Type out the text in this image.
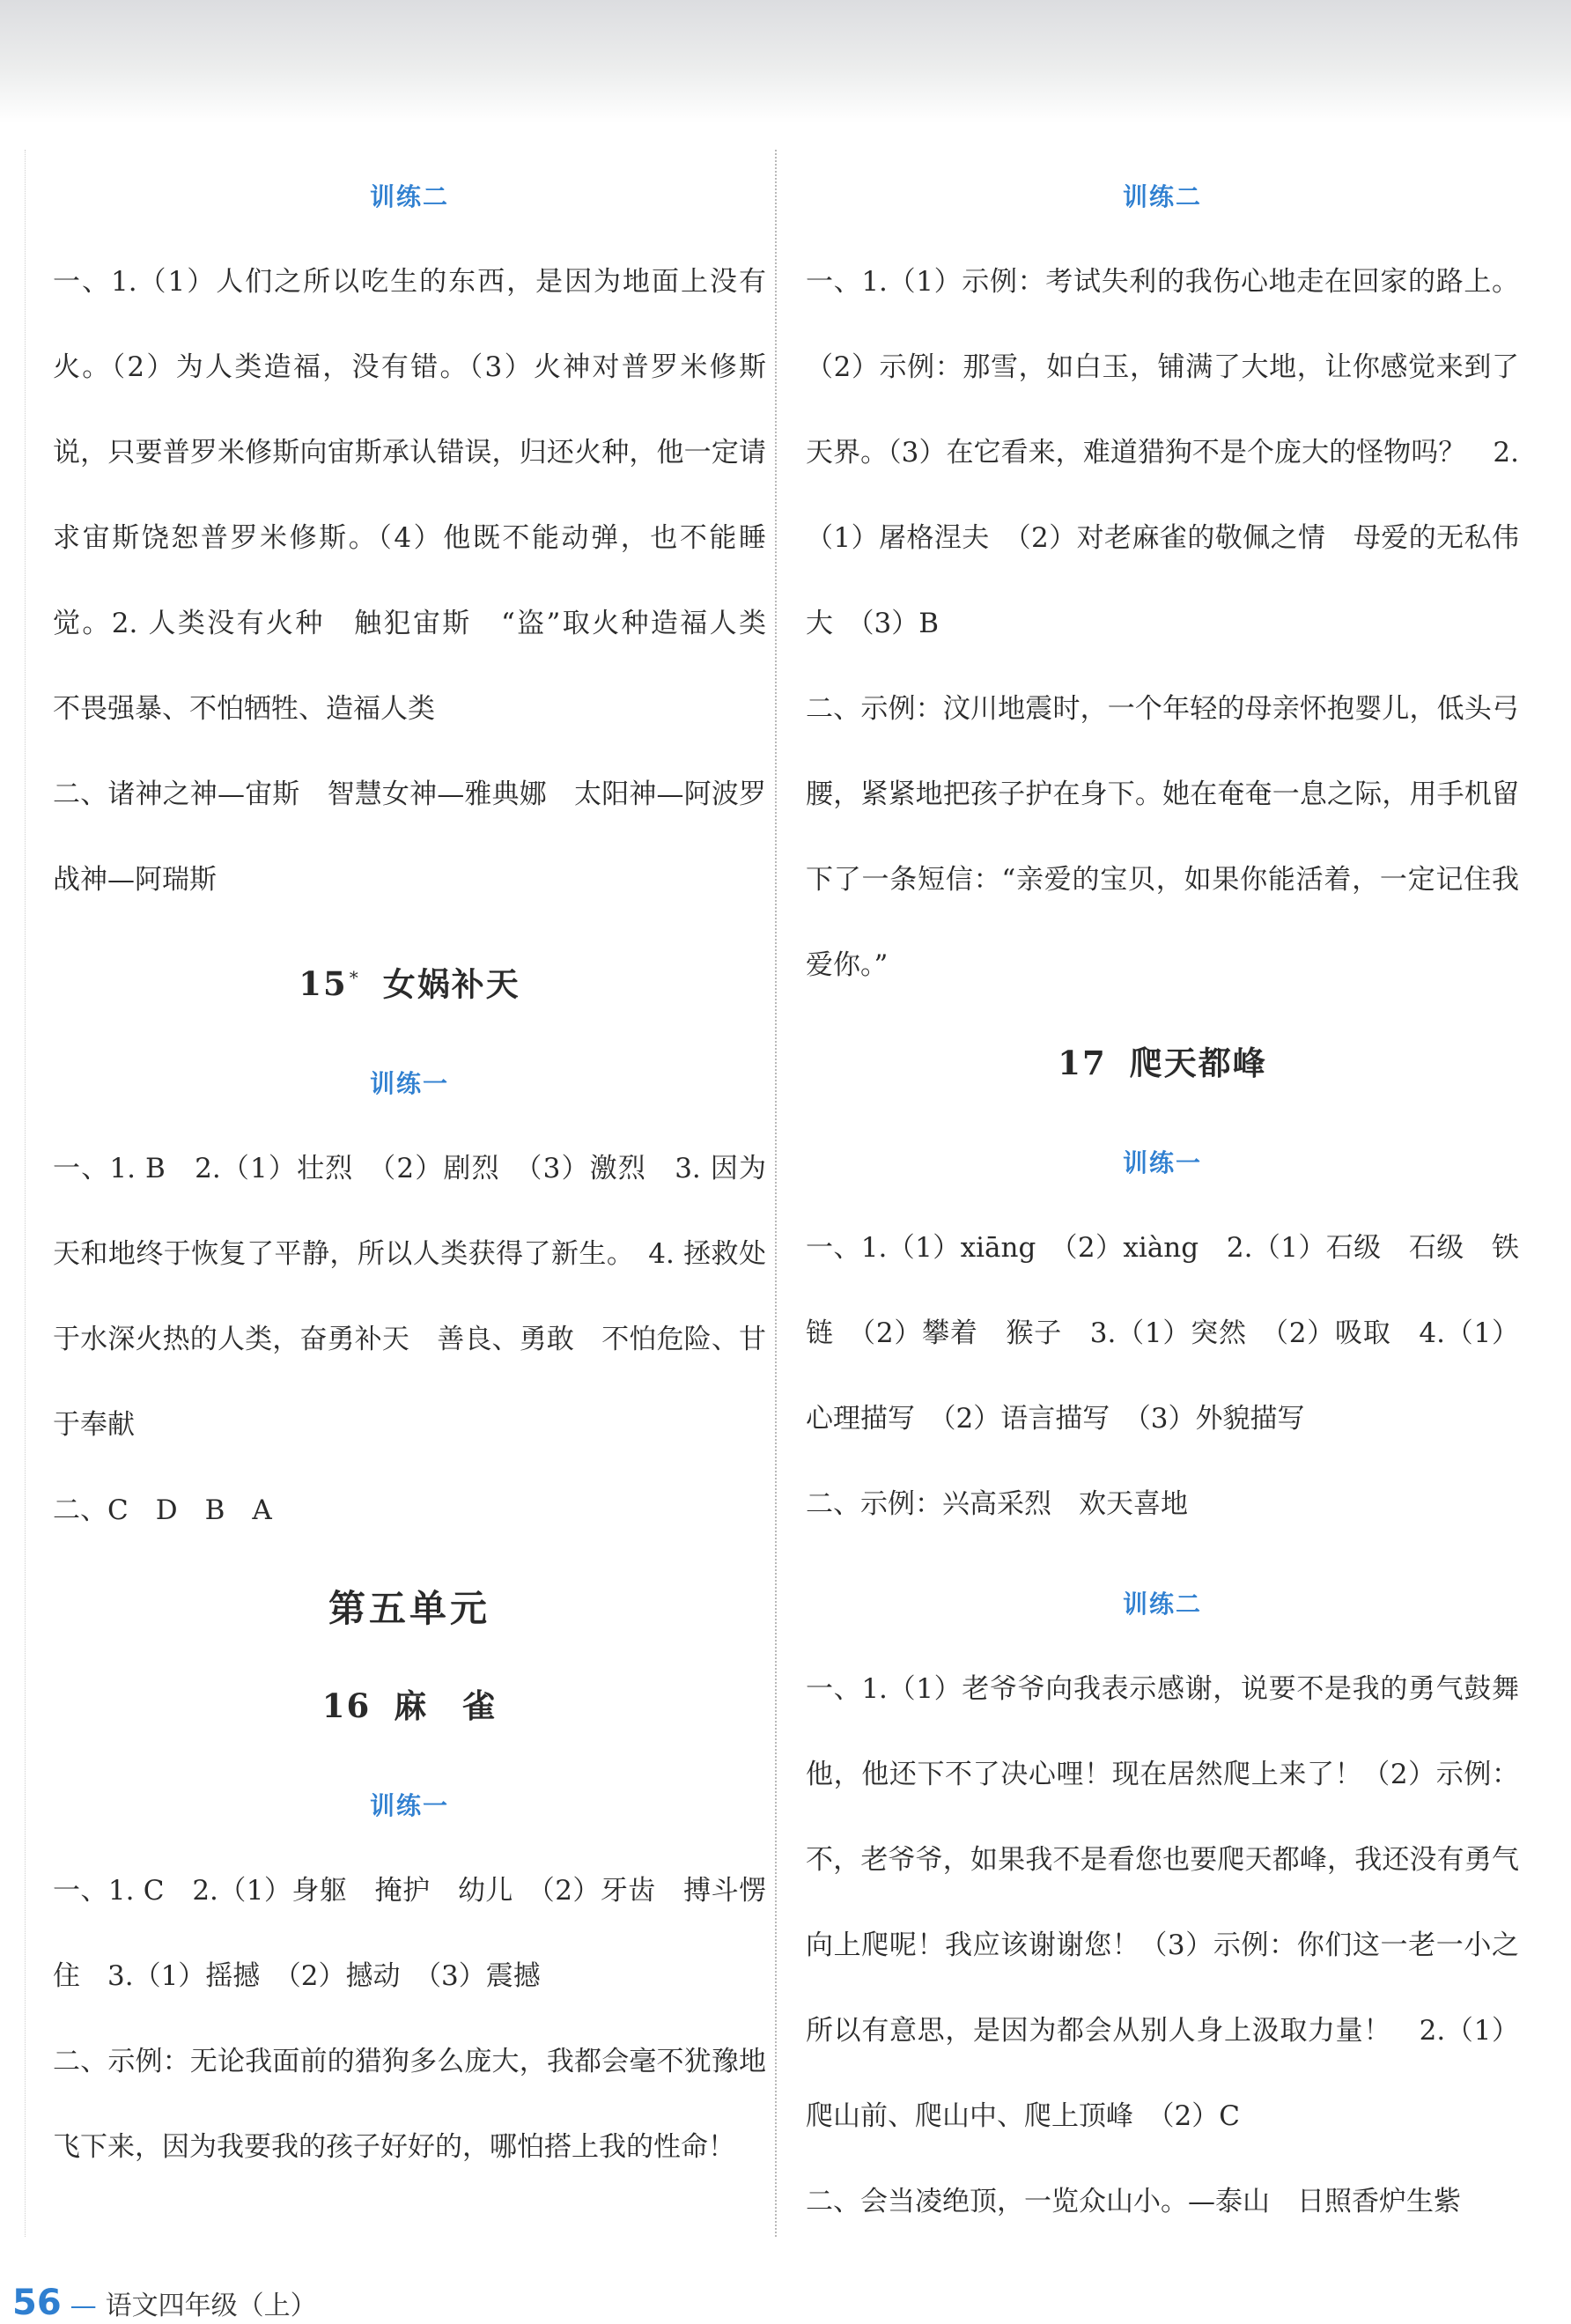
训练二

一、1.（1）人们之所以吃生的东西，是因为地面上没有火。（2）为人类造福，没有错。（3）火神对普罗米修斯说，只要普罗米修斯向宙斯承认错误，归还火种，他一定请求宙斯饶恕普罗米修斯。（4）他既不能动弹，也不能睡觉。2. 人类没有火种　触犯宙斯　“盗”取火种造福人类　不畏强暴、不怕牺牲、造福人类

二、诸神之神—宙斯　智慧女神—雅典娜　太阳神—阿波罗　战神—阿瑞斯

15 * 女娲补天
训练一

一、1. B　2.（1）壮烈　（2）剧烈　（3）激烈　3. 因为天和地终于恢复了平静，所以人类获得了新生。　4. 拯救处于水深火热的人类，奋勇补天　善良、勇敢　不怕危险、甘于奉献

二、C　D　B　A

第五单元
16 麻　雀
训练一

一、1. C　2.（1）身躯　掩护　幼儿　（2）牙齿　搏斗愣住　3.（1）摇撼　（2）撼动　（3）震撼

二、示例：无论我面前的猎狗多么庞大，我都会毫不犹豫地飞下来，因为我要我的孩子好好的，哪怕搭上我的性命！

训练二

一、1.（1）示例：考试失利的我伤心地走在回家的路上。（2）示例：那雪，如白玉，铺满了大地，让你感觉来到了天界。（3）在它看来，难道猎狗不是个庞大的怪物吗？　2.（1）屠格涅夫　（2）对老麻雀的敬佩之情　母爱的无私伟大　（3）B

二、示例：汶川地震时，一个年轻的母亲怀抱婴儿，低头弓腰，紧紧地把孩子护在身下。她在奄奄一息之际，用手机留下了一条短信：“亲爱的宝贝，如果你能活着，一定记住我爱你。”

17 爬天都峰
训练一

一、1.（1）xiāng　（2）xiàng　2.（1）石级　石级　铁链　（2）攀着　猴子　3.（1）突然　（2）吸取　4.（1）心理描写　（2）语言描写　（3）外貌描写

二、示例：兴高采烈　欢天喜地

训练二

一、1.（1）老爷爷向我表示感谢，说要不是我的勇气鼓舞他，他还下不了决心哩！现在居然爬上来了！（2）示例：不，老爷爷，如果我不是看您也要爬天都峰，我还没有勇气向上爬呢！我应该谢谢您！（3）示例：你们这一老一小之所以有意思，是因为都会从别人身上汲取力量！　2.（1）爬山前、爬山中、爬上顶峰　（2）C

二、会当凌绝顶，一览众山小。—泰山　日照香炉生紫

56 — 语文四年级（上）
